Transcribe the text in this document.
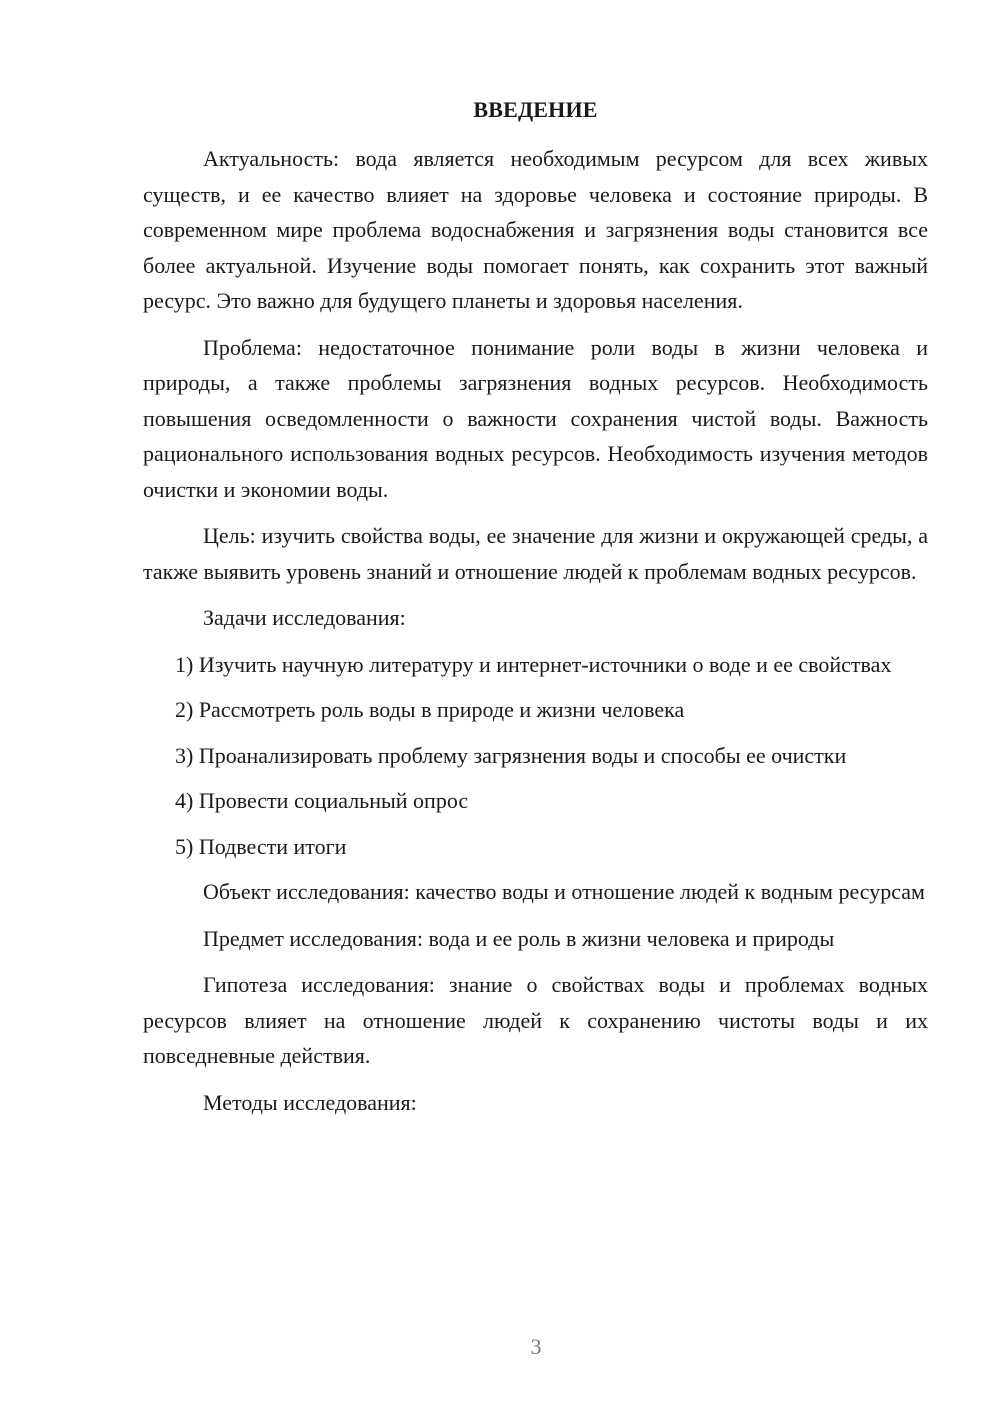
ВВЕДЕНИЕ

Актуальность: вода является необходимым ресурсом для всех живых существ, и ее качество влияет на здоровье человека и состояние природы. В современном мире проблема водоснабжения и загрязнения воды становится все более актуальной. Изучение воды помогает понять, как сохранить этот важный ресурс. Это важно для будущего планеты и здоровья населения.

Проблема: недостаточное понимание роли воды в жизни человека и природы, а также проблемы загрязнения водных ресурсов. Необходимость повышения осведомленности о важности сохранения чистой воды. Важность рационального использования водных ресурсов. Необходимость изучения методов очистки и экономии воды.

Цель: изучить свойства воды, ее значение для жизни и окружающей среды, а также выявить уровень знаний и отношение людей к проблемам водных ресурсов.

Задачи исследования:

1) Изучить научную литературу и интернет-источники о воде и ее свойствах

2) Рассмотреть роль воды в природе и жизни человека

3) Проанализировать проблему загрязнения воды и способы ее очистки

4) Провести социальный опрос

5) Подвести итоги

Объект исследования: качество воды и отношение людей к водным ресурсам

Предмет исследования: вода и ее роль в жизни человека и природы

Гипотеза исследования: знание о свойствах воды и проблемах водных ресурсов влияет на отношение людей к сохранению чистоты воды и их повседневные действия.

Методы исследования:

3
